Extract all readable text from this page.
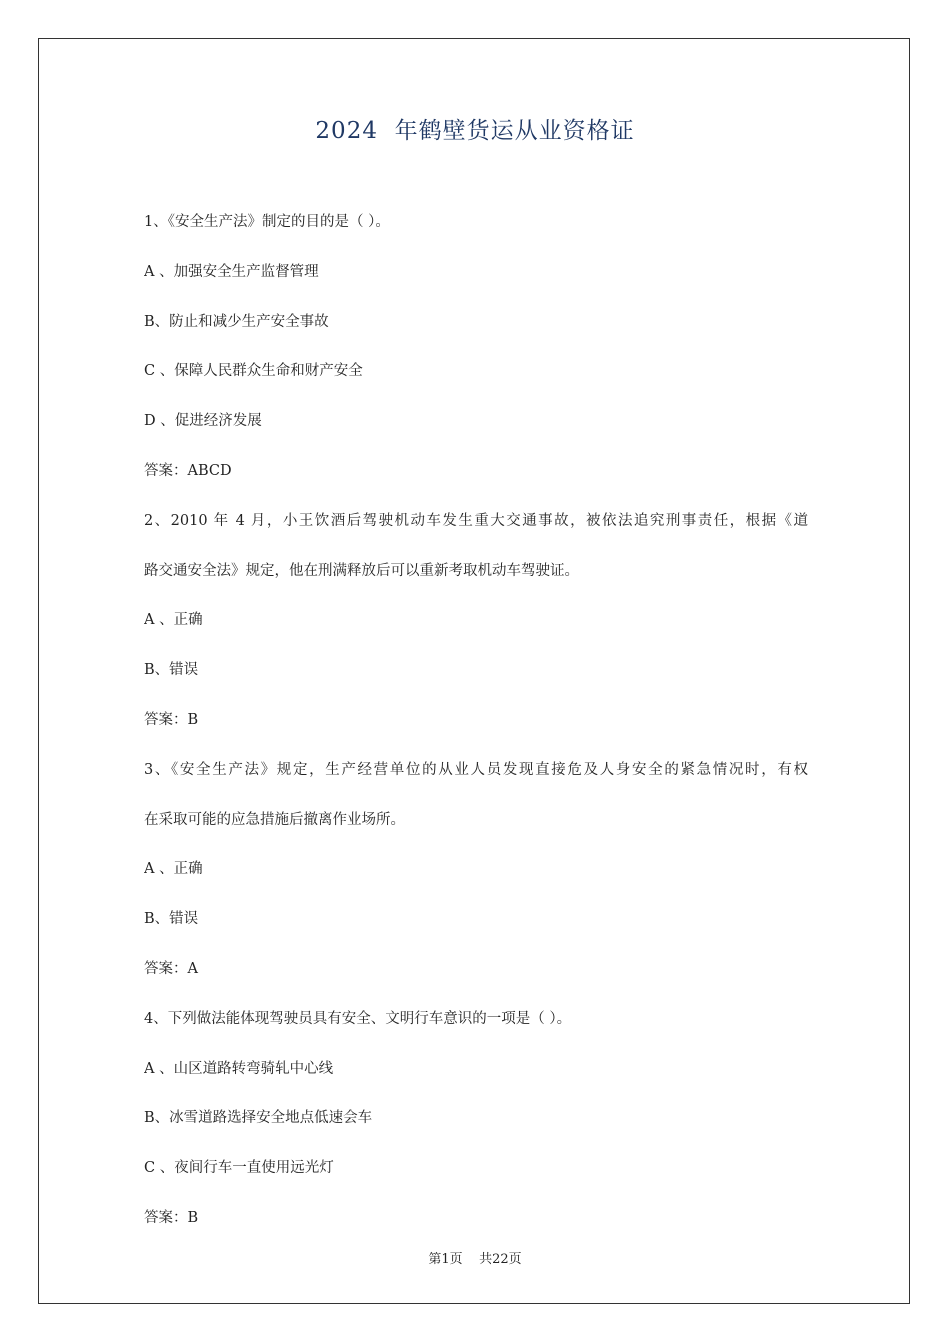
2024  年鹤壁货运从业资格证
1、《安全生产法》制定的目的是（ ）。
A 、加强安全生产监督管理
B、防止和减少生产安全事故
C 、保障人民群众生命和财产安全
D 、促进经济发展
答案：ABCD
2、2010 年 4 月，小王饮酒后驾驶机动车发生重大交通事故，被依法追究刑事责任，根据《道
路交通安全法》规定，他在刑满释放后可以重新考取机动车驾驶证。
A 、正确
B、错误
答案：B
3、《安全生产法》规定，生产经营单位的从业人员发现直接危及人身安全的紧急情况时，有权
在采取可能的应急措施后撤离作业场所。
A 、正确
B、错误
答案：A
4、下列做法能体现驾驶员具有安全、文明行车意识的一项是（ ）。
A 、山区道路转弯骑轧中心线
B、冰雪道路选择安全地点低速会车
C 、夜间行车一直使用远光灯
答案：B
第1页    共22页
